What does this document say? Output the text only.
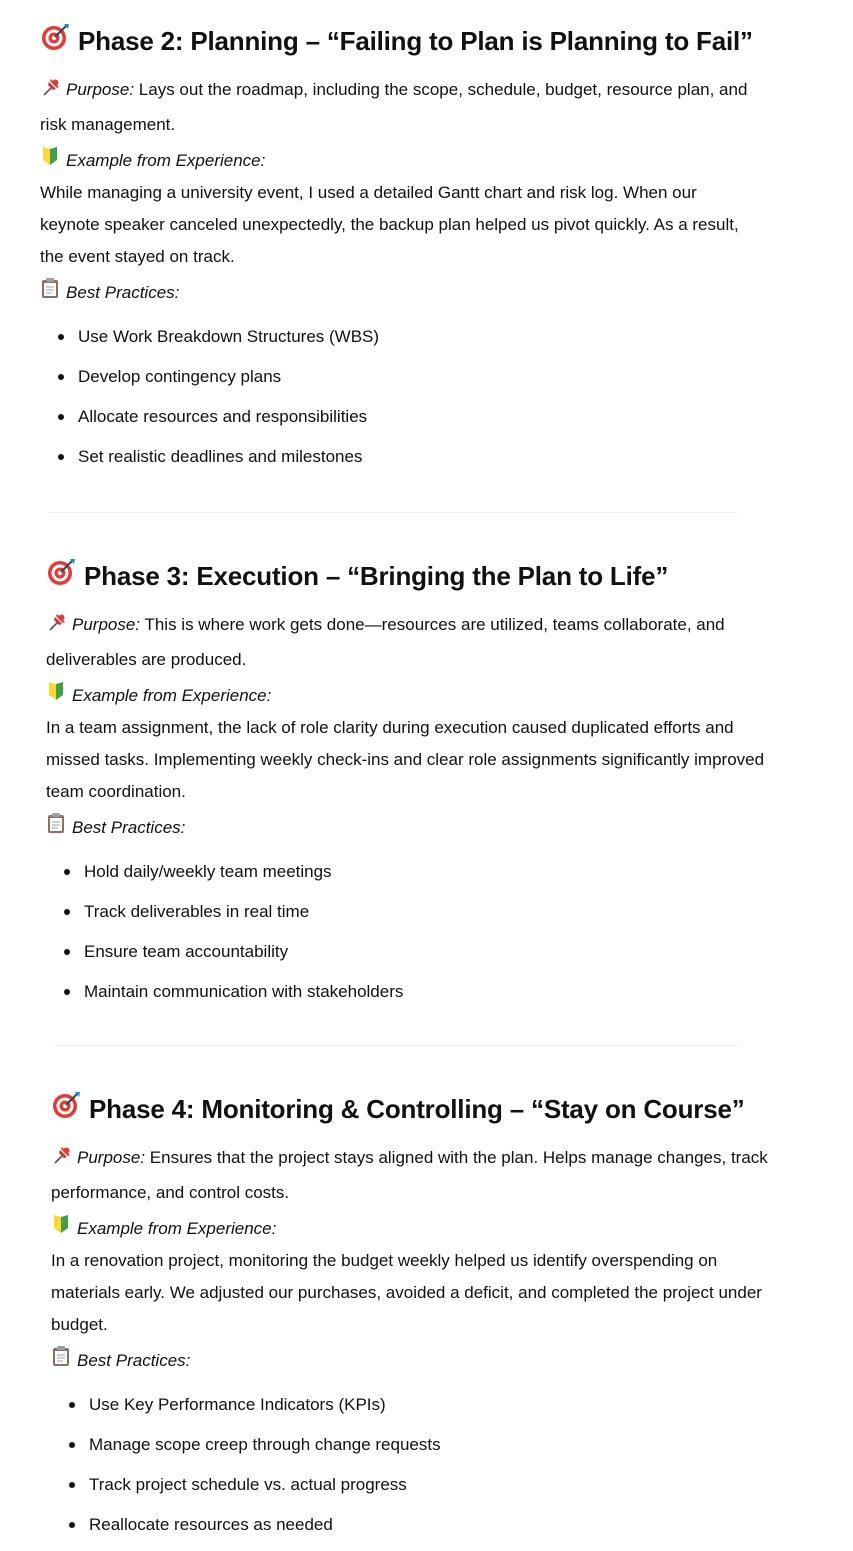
Phase 2: Planning – “Failing to Plan is Planning to Fail”

Purpose: Lays out the roadmap, including the scope, schedule, budget, resource plan, and risk management.

Example from Experience:

While managing a university event, I used a detailed Gantt chart and risk log. When our keynote speaker canceled unexpectedly, the backup plan helped us pivot quickly. As a result, the event stayed on track.

Best Practices:
Use Work Breakdown Structures (WBS)
Develop contingency plans
Allocate resources and responsibilities
Set realistic deadlines and milestones
Phase 3: Execution – “Bringing the Plan to Life”

Purpose: This is where work gets done—resources are utilized, teams collaborate, and deliverables are produced.

Example from Experience:

In a team assignment, the lack of role clarity during execution caused duplicated efforts and missed tasks. Implementing weekly check-ins and clear role assignments significantly improved team coordination.

Best Practices:
Hold daily/weekly team meetings
Track deliverables in real time
Ensure team accountability
Maintain communication with stakeholders
Phase 4: Monitoring & Controlling – “Stay on Course”

Purpose: Ensures that the project stays aligned with the plan. Helps manage changes, track performance, and control costs.

Example from Experience:

In a renovation project, monitoring the budget weekly helped us identify overspending on materials early. We adjusted our purchases, avoided a deficit, and completed the project under budget.

Best Practices:
Use Key Performance Indicators (KPIs)
Manage scope creep through change requests
Track project schedule vs. actual progress
Reallocate resources as needed
